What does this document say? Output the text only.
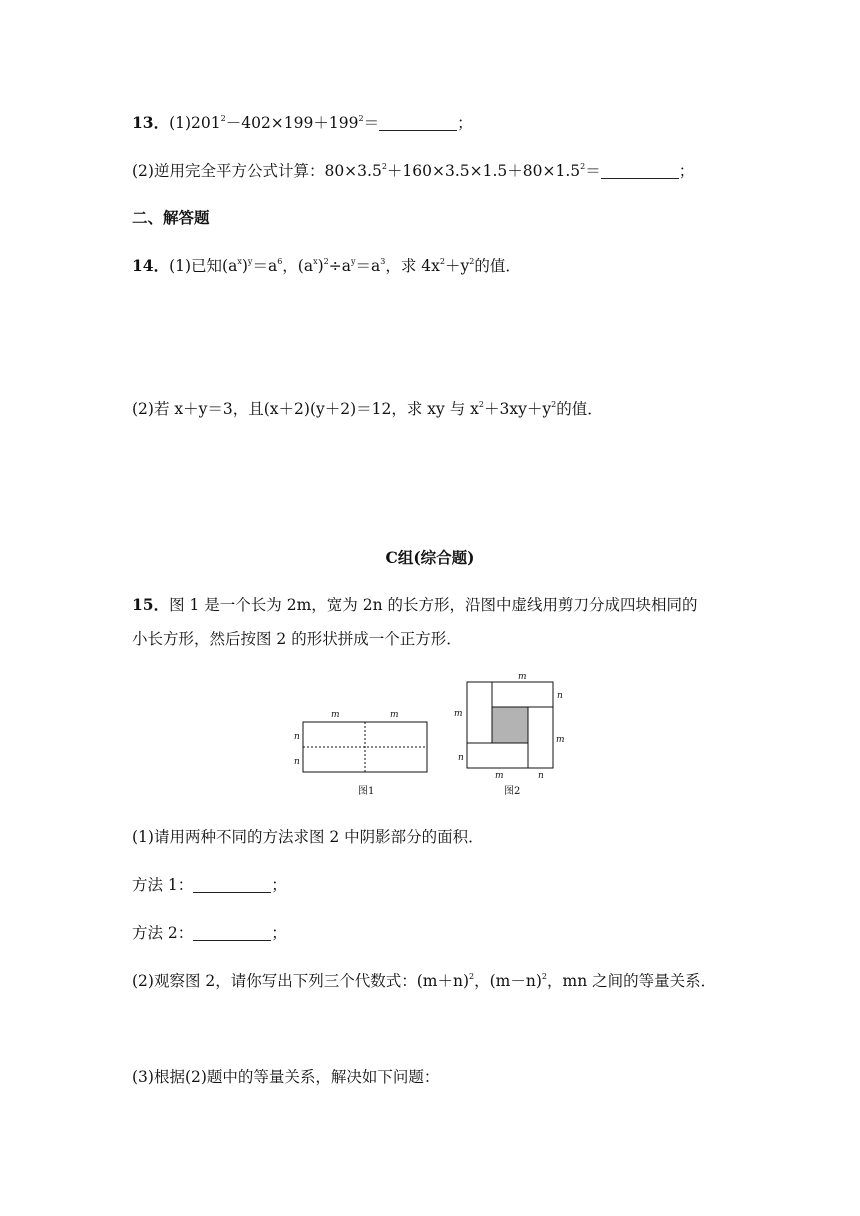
13．$(1)201^2-402\times 199+199^2=$	；
(2)逆用完全平方公式计算：$80\times 3.5^2+160\times 3.5\times 1.5+80\times 1.5^2=$	；
二、解答题
14．(1)已知$(a^x)^y=a^6$，$(a^x)^2\div a^y=a^3$，求 $4x^2+y^2$的值．
(2)若 x＋y＝3，且(x＋2)(y＋2)＝12，求 xy 与 $x^2+3xy+y^2$的值．
C组(综合题)
15．图 1 是一个长为 2m，宽为 2n 的长方形，沿图中虚线用剪刀分成四块相同的
小长方形，然后按图 2 的形状拼成一个正方形．
m	m
n
n
图1
m
n
m
m
n
m	n
图2
(1)请用两种不同的方法求图 2 中阴影部分的面积．
方法 1：	；
方法 2：	；
(2)观察图 2，请你写出下列三个代数式：$(m+n)^2$，$(m-n)^2$，mn 之间的等量关系．
(3)根据(2)题中的等量关系，解决如下问题：
